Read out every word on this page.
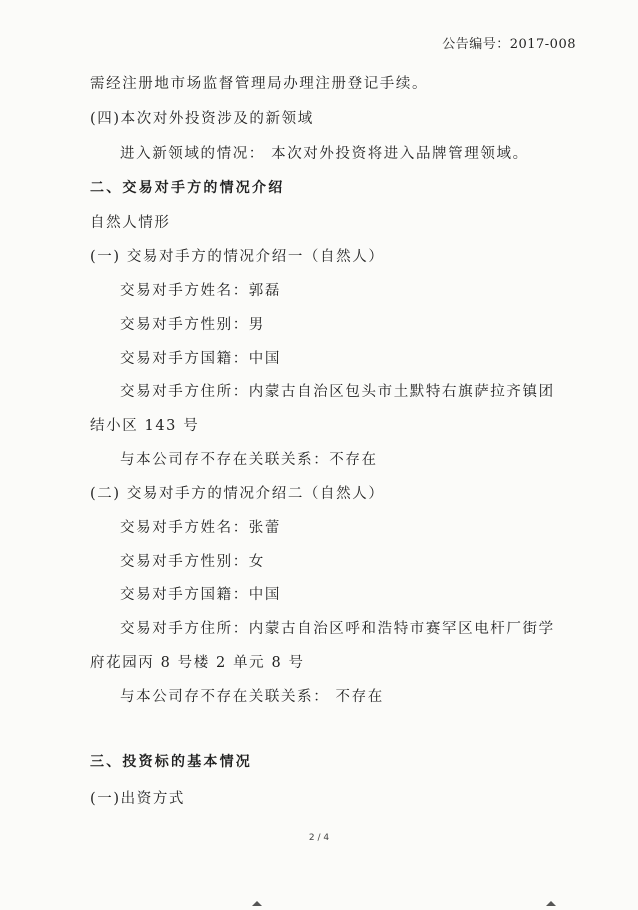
公告编号：2017-008
需经注册地市场监督管理局办理注册登记手续。
(四)本次对外投资涉及的新领域
进入新领域的情况： 本次对外投资将进入品牌管理领域。
二、交易对手方的情况介绍
自然人情形
(一) 交易对手方的情况介绍一（自然人）
交易对手方姓名：郭磊
交易对手方性别：男
交易对手方国籍：中国
交易对手方住所：内蒙古自治区包头市土默特右旗萨拉齐镇团
结小区 143 号
与本公司存不存在关联关系：不存在
(二) 交易对手方的情况介绍二（自然人）
交易对手方姓名：张蕾
交易对手方性别：女
交易对手方国籍：中国
交易对手方住所：内蒙古自治区呼和浩特市赛罕区电杆厂街学
府花园丙 8 号楼 2 单元 8 号
与本公司存不存在关联关系： 不存在
三、投资标的基本情况
(一)出资方式
2 / 4
